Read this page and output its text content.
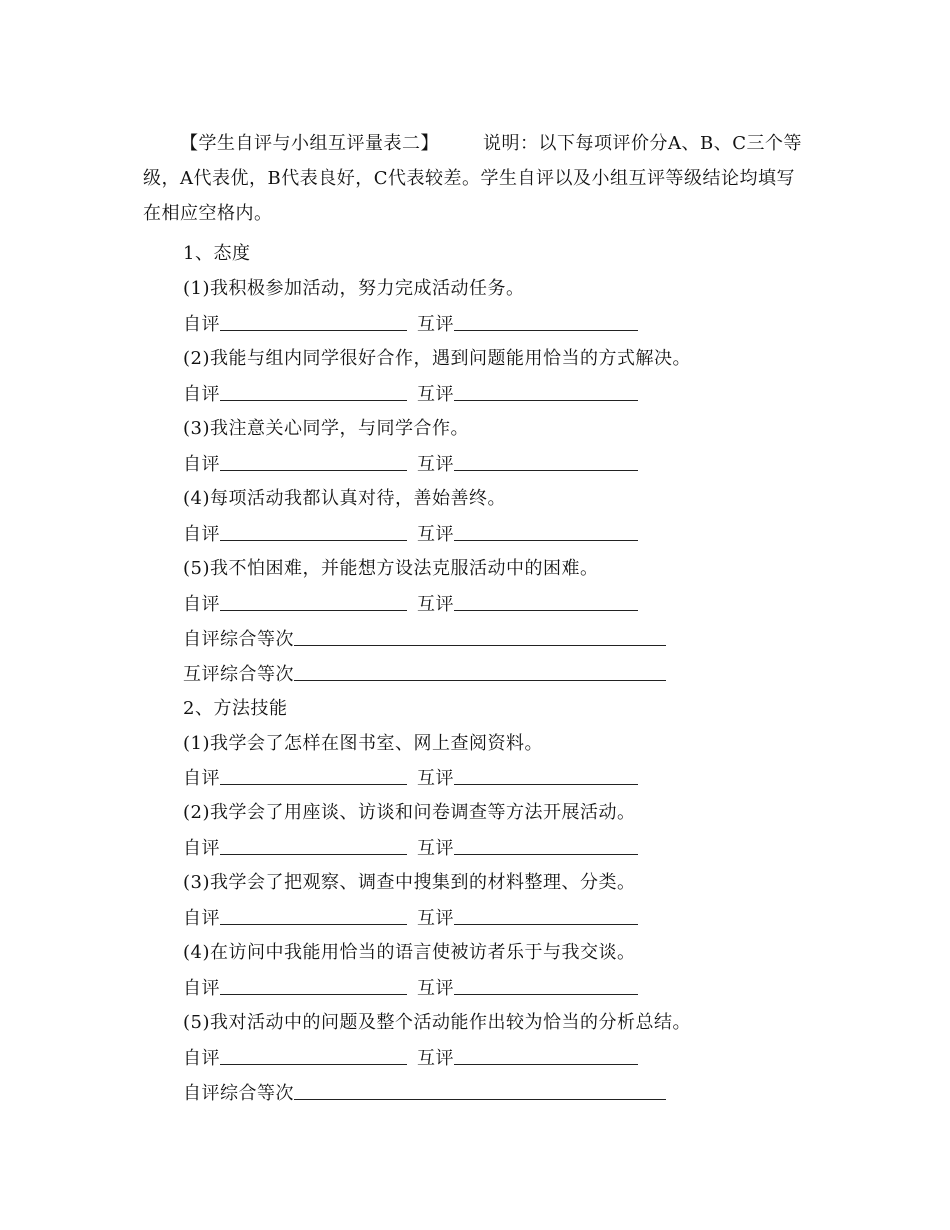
【学生自评与小组互评量表二】 说明：以下每项评价分A、B、C三个等级，A代表优，B代表良好，C代表较差。学生自评以及小组互评等级结论均填写在相应空格内。
1、态度
(1)我积极参加活动，努力完成活动任务。
自评	互评
(2)我能与组内同学很好合作，遇到问题能用恰当的方式解决。
自评	互评
(3)我注意关心同学，与同学合作。
自评	互评
(4)每项活动我都认真对待，善始善终。
自评	互评
(5)我不怕困难，并能想方设法克服活动中的困难。
自评	互评
自评综合等次
互评综合等次
2、方法技能
(1)我学会了怎样在图书室、网上查阅资料。
自评	互评
(2)我学会了用座谈、访谈和问卷调查等方法开展活动。
自评	互评
(3)我学会了把观察、调查中搜集到的材料整理、分类。
自评	互评
(4)在访问中我能用恰当的语言使被访者乐于与我交谈。
自评	互评
(5)我对活动中的问题及整个活动能作出较为恰当的分析总结。
自评	互评
自评综合等次
